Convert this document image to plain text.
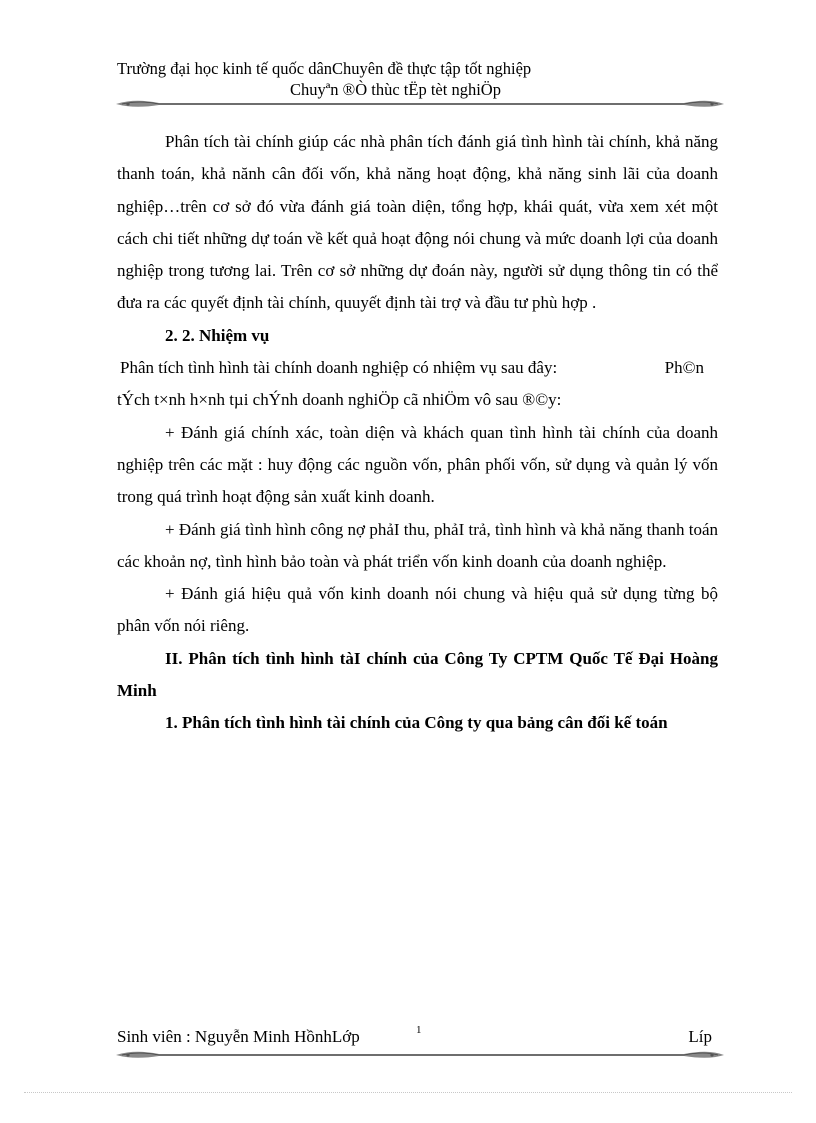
Trường đại học kinh tế quốc dânChuyên đề thực tập tốt nghiệp
Chuyªn ®Ò thùc tËp tèt nghiÖp

Phân tích tài chính giúp các nhà phân tích đánh giá tình hình tài chính, khả năng thanh toán, khả nănh cân đối vốn, khả năng hoạt động, khả năng sinh lãi của doanh nghiệp…trên cơ sở đó vừa đánh giá toàn diện, tổng hợp, khái quát, vừa xem xét một cách chi tiết những dự toán về kết quả hoạt động nói chung và mức doanh lợi của doanh nghiệp trong tương lai. Trên cơ sở những dự đoán này, người sử dụng thông tin có thể đưa ra các quyết định tài chính, quuyết định tài trợ và đầu tư phù hợp .

2. 2. Nhiệm vụ

Phân tích tình hình tài chính doanh nghiệp có nhiệm vụ sau đây:	Ph©n
tÝch t×nh h×nh tµi chÝnh doanh nghiÖp cã nhiÖm vô sau ®©y:

+ Đánh giá chính xác, toàn diện và khách quan tình hình tài chính của doanh nghiệp trên các mặt : huy động các nguồn vốn, phân phối vốn, sử dụng và quản lý vốn trong quá trình hoạt động sản xuất kinh doanh.

+ Đánh giá tình hình công nợ phảI thu, phảI trả, tình hình và khả năng thanh toán các khoản nợ, tình hình bảo toàn và phát triển vốn kinh doanh của doanh nghiệp.

+ Đánh giá hiệu quả vốn kinh doanh nói chung và hiệu quả sử dụng từng bộ phân vốn nói riêng.

II. Phân tích tình hình tàI chính của Công Ty CPTM Quốc Tế Đại Hoàng Minh

1. Phân tích tình hình tài chính của Công ty qua bảng cân đối kế toán

Sinh viên : Nguyễn Minh HồnhLớp	1	Líp
